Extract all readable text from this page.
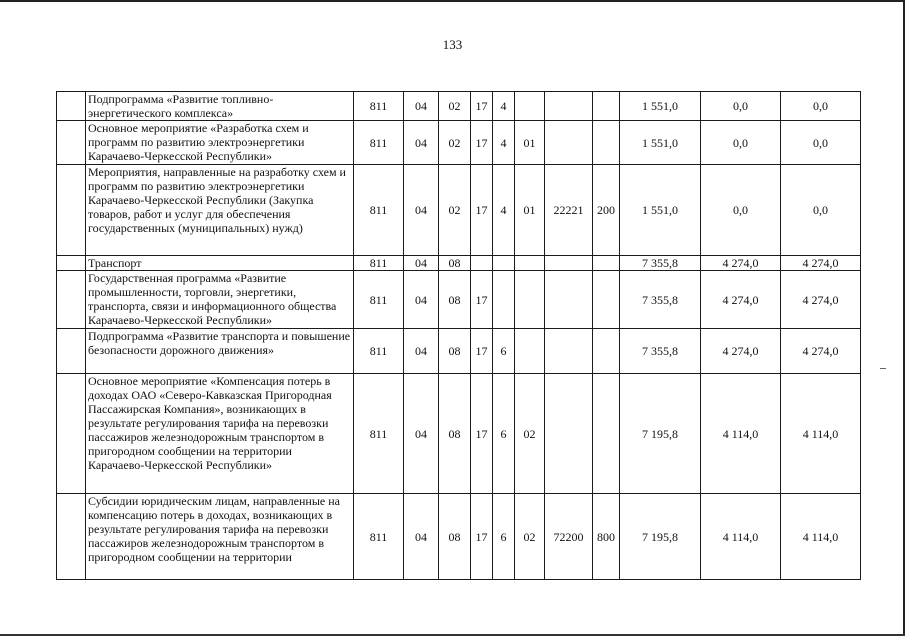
133
	Подпрограмма «Развитие топливно-энергетического комплекса»	811	04	02	17	4				1 551,0	0,0	0,0
	Основное мероприятие «Разработка схем и программ по развитию электроэнергетики Карачаево-Черкесской Республики»	811	04	02	17	4	01			1 551,0	0,0	0,0
	Мероприятия, направленные на разработку схем и программ по развитию электроэнергетики Карачаево-Черкесской Республики (Закупка товаров, работ и услуг для обеспечения государственных (муниципальных) нужд)	811	04	02	17	4	01	22221	200	1 551,0	0,0	0,0
	Транспорт	811	04	08						7 355,8	4 274,0	4 274,0
	Государственная программа «Развитие промышленности, торговли, энергетики, транспорта, связи и информационного общества Карачаево-Черкесской Республики»	811	04	08	17					7 355,8	4 274,0	4 274,0
	Подпрограмма «Развитие транспорта и повышение безопасности дорожного движения»	811	04	08	17	6				7 355,8	4 274,0	4 274,0
	Основное мероприятие «Компенсация потерь в доходах ОАО «Северо-Кавказская Пригородная Пассажирская Компания», возникающих в результате регулирования тарифа на перевозки пассажиров железнодорожным транспортом в пригородном сообщении на территории Карачаево-Черкесской Республики»	811	04	08	17	6	02			7 195,8	4 114,0	4 114,0
	Субсидии юридическим лицам, направленные на компенсацию потерь в доходах, возникающих в результате регулирования тарифа на перевозки пассажиров железнодорожным транспортом в пригородном сообщении на территории	811	04	08	17	6	02	72200	800	7 195,8	4 114,0	4 114,0
